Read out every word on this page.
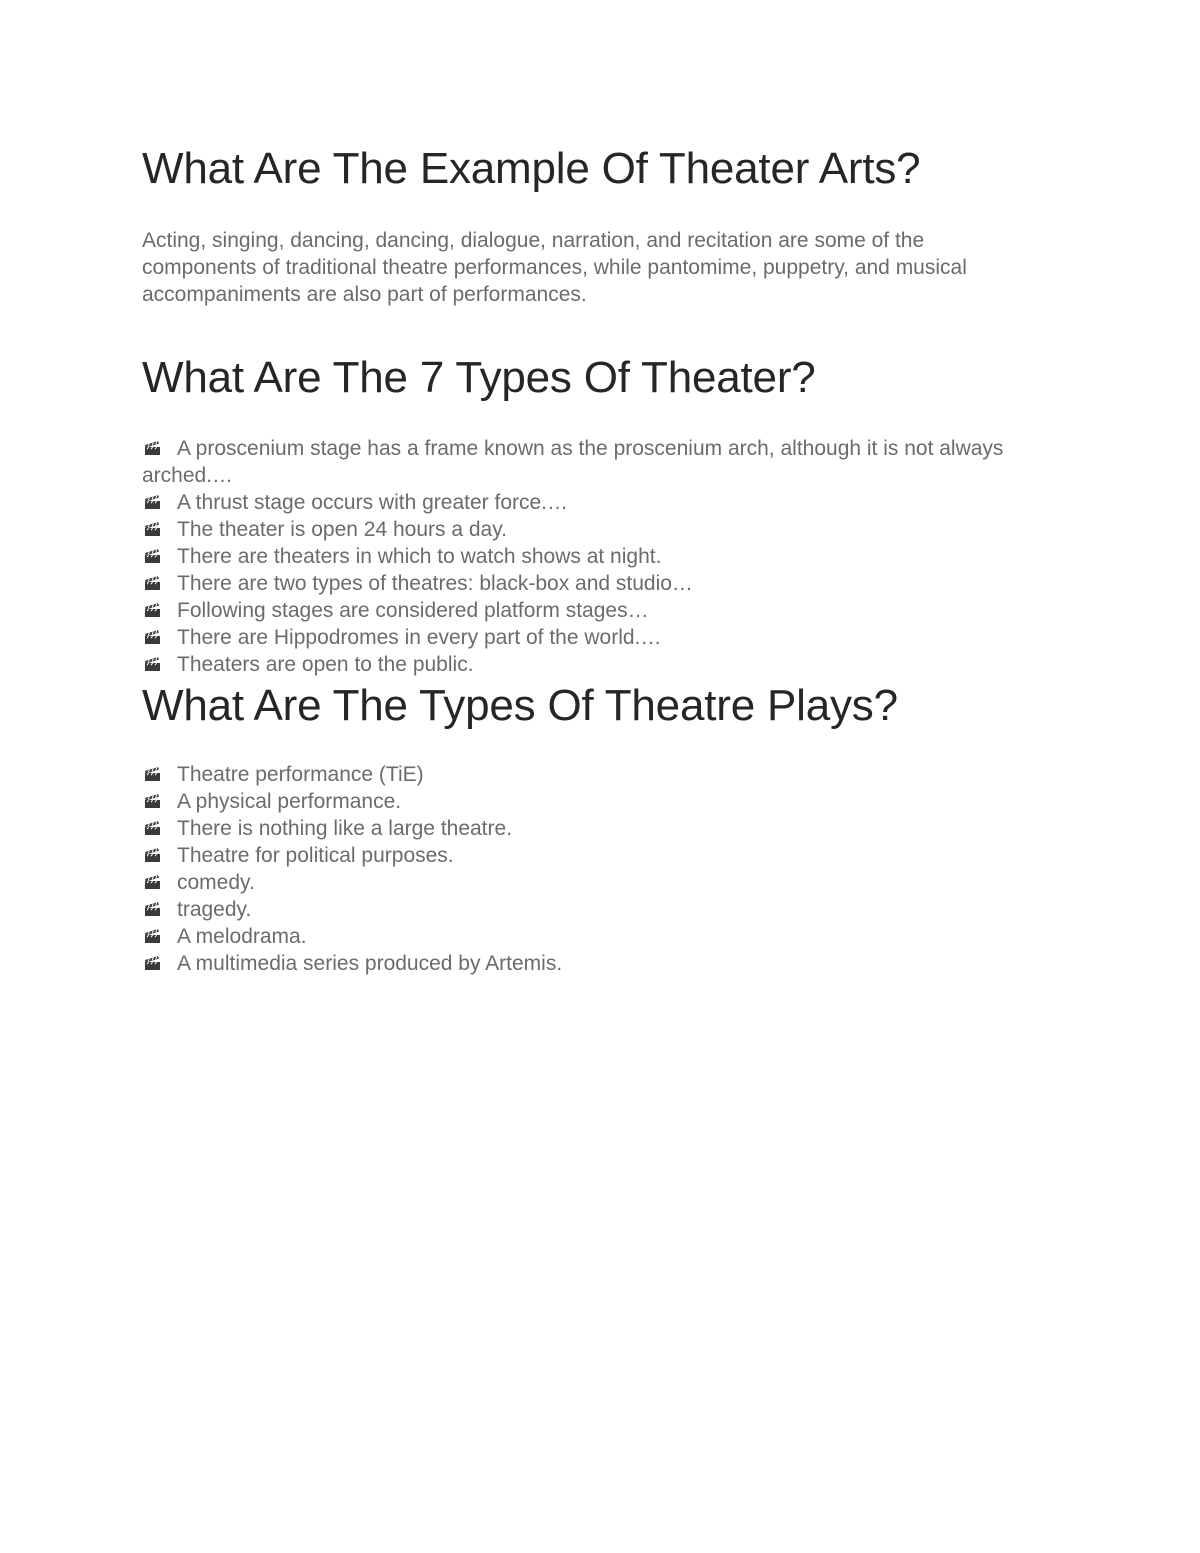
What Are The Example Of Theater Arts?

Acting, singing, dancing, dancing, dialogue, narration, and recitation are some of the components of traditional theatre performances, while pantomime, puppetry, and musical accompaniments are also part of performances.

What Are The 7 Types Of Theater?
A proscenium stage has a frame known as the proscenium arch, although it is not always arched.…
A thrust stage occurs with greater force.…
The theater is open 24 hours a day.
There are theaters in which to watch shows at night.
There are two types of theatres: black-box and studio…
Following stages are considered platform stages…
There are Hippodromes in every part of the world.…
Theaters are open to the public.
What Are The Types Of Theatre Plays?
Theatre performance (TiE)
A physical performance.
There is nothing like a large theatre.
Theatre for political purposes.
comedy.
tragedy.
A melodrama.
A multimedia series produced by Artemis.
